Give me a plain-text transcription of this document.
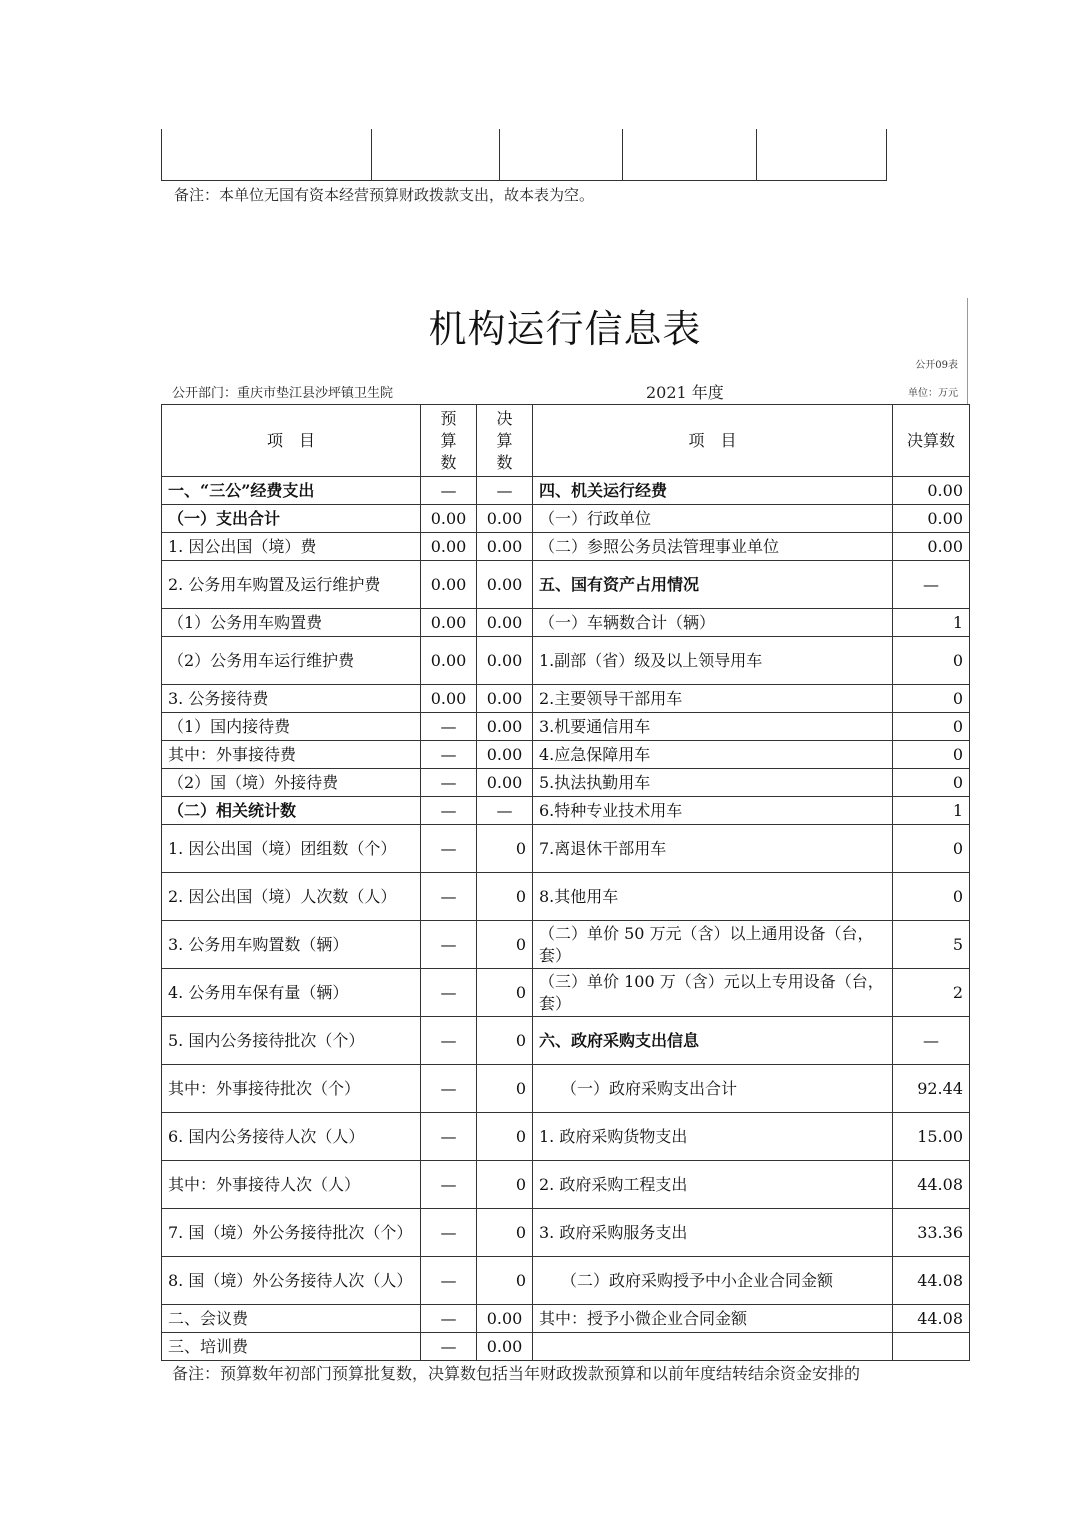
备注：本单位无国有资本经营预算财政拨款支出，故本表为空。
机构运行信息表
公开09表
公开部门：重庆市垫江县沙坪镇卫生院	2021 年度	单位：万元
项　目	预算数	决算数	项　目	决算数
一、“三公”经费支出	—	—	四、机关运行经费	0.00
（一）支出合计	0.00	0.00	（一）行政单位	0.00
1. 因公出国（境）费	0.00	0.00	（二）参照公务员法管理事业单位	0.00
2. 公务用车购置及运行维护费	0.00	0.00	五、国有资产占用情况	—
（1）公务用车购置费	0.00	0.00	（一）车辆数合计（辆）	1
（2）公务用车运行维护费	0.00	0.00	1.副部（省）级及以上领导用车	0
3. 公务接待费	0.00	0.00	2.主要领导干部用车	0
（1）国内接待费	—	0.00	3.机要通信用车	0
其中：外事接待费	—	0.00	4.应急保障用车	0
（2）国（境）外接待费	—	0.00	5.执法执勤用车	0
（二）相关统计数	—	—	6.特种专业技术用车	1
1. 因公出国（境）团组数（个）	—	0	7.离退休干部用车	0
2. 因公出国（境）人次数（人）	—	0	8.其他用车	0
3. 公务用车购置数（辆）	—	0	（二）单价 50 万元（含）以上通用设备（台，套）	5
4. 公务用车保有量（辆）	—	0	（三）单价 100 万（含）元以上专用设备（台，套）	2
5. 国内公务接待批次（个）	—	0	六、政府采购支出信息	—
其中：外事接待批次（个）	—	0	（一）政府采购支出合计	92.44
6. 国内公务接待人次（人）	—	0	1. 政府采购货物支出	15.00
其中：外事接待人次（人）	—	0	2. 政府采购工程支出	44.08
7. 国（境）外公务接待批次（个）	—	0	3. 政府采购服务支出	33.36
8. 国（境）外公务接待人次（人）	—	0	（二）政府采购授予中小企业合同金额	44.08
二、会议费	—	0.00	其中：授予小微企业合同金额	44.08
三、培训费	—	0.00		
备注：预算数年初部门预算批复数，决算数包括当年财政拨款预算和以前年度结转结余资金安排的
